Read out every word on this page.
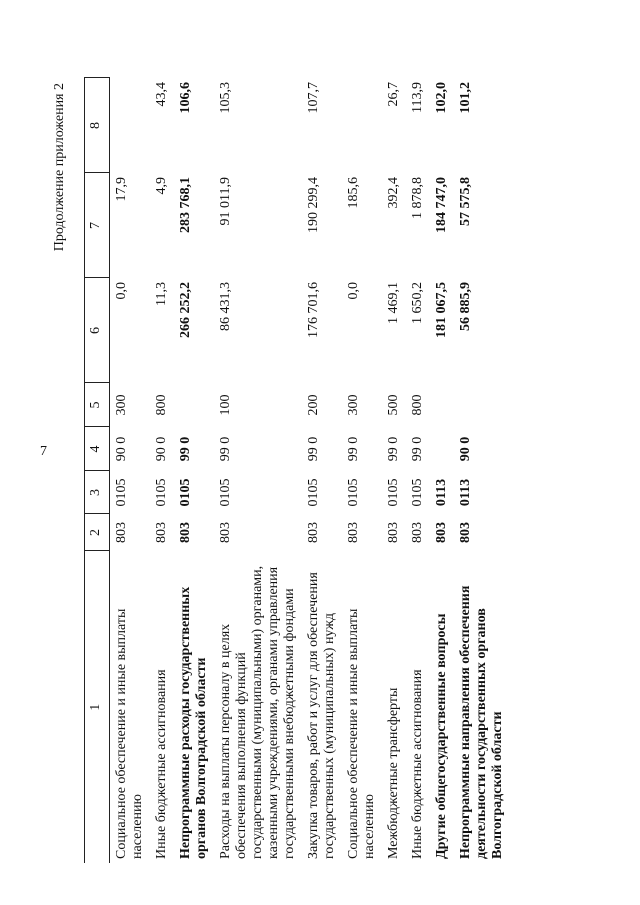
7
Продолжение приложения 2
1	2	3	4	5	6	7	8
Социальное обеспечение и иные выплаты населению	803	0105	90 0	300	0,0	17,9	
Иные бюджетные ассигнования	803	0105	90 0	800	11,3	4,9	43,4
Непрограммные расходы государственных органов Волгоградской области	803	0105	99 0		266 252,2	283 768,1	106,6
Расходы на выплаты персоналу в целях обеспечения выполнения функций государственными (муниципальными) органами, казенными учреждениями, органами управления государственными внебюджетными фондами	803	0105	99 0	100	86 431,3	91 011,9	105,3
Закупка товаров, работ и услуг для обеспечения государственных (муниципальных) нужд	803	0105	99 0	200	176 701,6	190 299,4	107,7
Социальное обеспечение и иные выплаты населению	803	0105	99 0	300	0,0	185,6	
Межбюджетные трансферты	803	0105	99 0	500	1 469,1	392,4	26,7
Иные бюджетные ассигнования	803	0105	99 0	800	1 650,2	1 878,8	113,9
Другие общегосударственные вопросы	803	0113			181 067,5	184 747,0	102,0
Непрограммные направления обеспечения деятельности государственных органов Волгоградской области	803	0113	90 0		56 885,9	57 575,8	101,2
